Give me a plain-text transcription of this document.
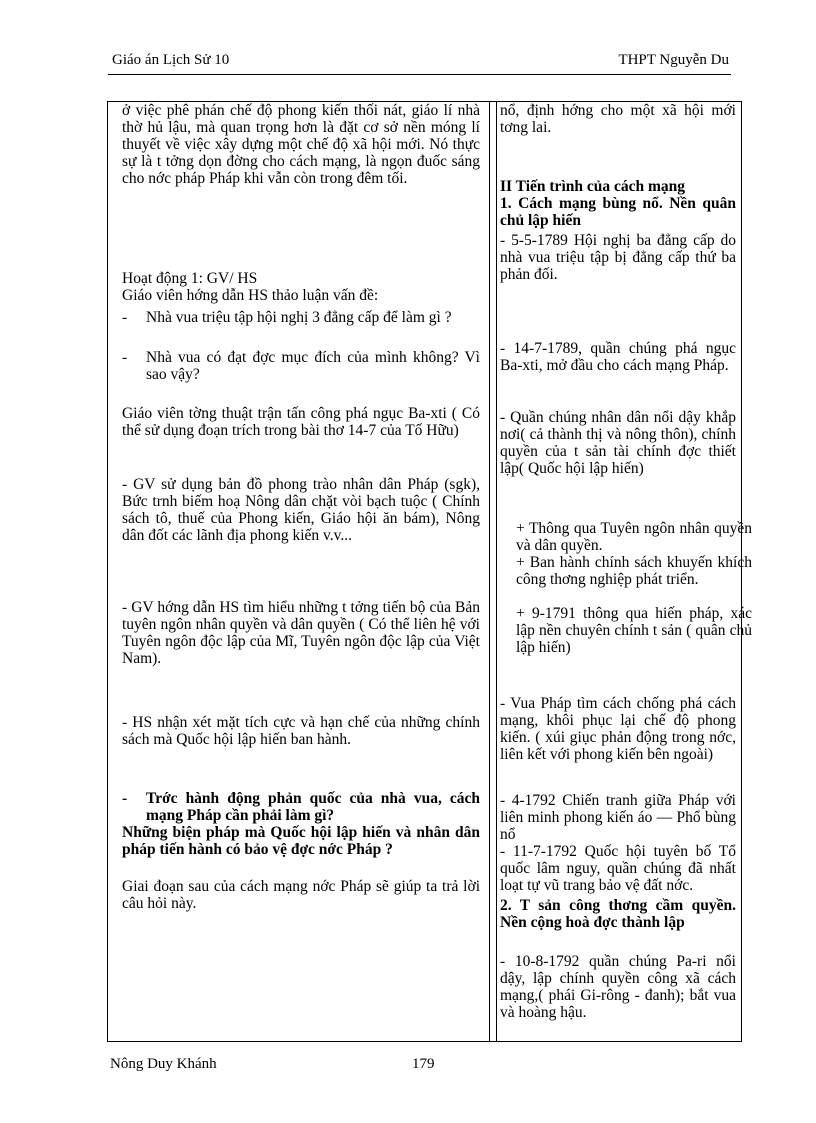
Giáo án Lịch Sử 10	THPT Nguyễn Du
ở việc phê phán chế độ phong kiến thối nát, giáo lí nhà thờ hủ lậu, mà quan trọng hơn là đặt cơ sở nền móng lí thuyết về việc xây dựng một chế độ xã hội mới. Nó thực sự là t tởng dọn đờng cho cách mạng, là ngọn đuốc sáng cho nớc pháp Pháp khi vẫn còn trong đêm tối.
Hoạt động 1: GV/ HS
Giáo viên hớng dẫn HS thảo luận vấn đề:
- Nhà vua triệu tập hội nghị 3 đẳng cấp để làm gì ?
- Nhà vua có đạt đợc mục đích của mình không? Vì sao vậy?
Giáo viên tờng thuật trận tấn công phá ngục Ba-xti ( Có thể sử dụng đoạn trích trong bài thơ 14-7 của Tố Hữu)
- GV sử dụng bản đồ phong trào nhân dân Pháp (sgk), Bức trnh biếm hoạ Nông dân chặt vòi bạch tuộc ( Chính sách tô, thuế của Phong kiến, Giáo hội ăn bám), Nông dân đốt các lãnh địa phong kiến v.v...
- GV hớng dẫn HS tìm hiểu những t tởng tiến bộ của Bản tuyên ngôn nhân quyền và dân quyền ( Có thể liên hệ với Tuyên ngôn độc lập của Mĩ, Tuyên ngôn độc lập của Việt Nam).
- HS nhận xét mặt tích cực và hạn chế của những chính sách mà Quốc hội lập hiến ban hành.
- Trớc hành động phản quốc của nhà vua, cách mạng Pháp cần phải làm gì?
Những biện pháp mà Quốc hội lập hiến và nhân dân pháp tiến hành có bảo vệ đợc nớc Pháp ?
Giai đoạn sau của cách mạng nớc Pháp sẽ giúp ta trả lời câu hỏi này.
nổ, định hớng cho một xã hội mới tơng lai.
II Tiến trình của cách mạng
1. Cách mạng bùng nổ. Nền quân chủ lập hiến
- 5-5-1789 Hội nghị ba đẳng cấp do nhà vua triệu tập bị đẳng cấp thứ ba phản đối.
- 14-7-1789, quần chúng phá ngục Ba-xti, mở đầu cho cách mạng Pháp.
- Quần chúng nhân dân nổi dậy khắp nơi( cả thành thị và nông thôn), chính quyền của t sản tài chính đợc thiết lập( Quốc hội lập hiến)
+ Thông qua Tuyên ngôn nhân quyền và dân quyền.
+ Ban hành chính sách khuyến khích công thơng nghiệp phát triển.
+ 9-1791 thông qua hiến pháp, xác lập nền chuyên chính t sản ( quân chủ lập hiến)
- Vua Pháp tìm cách chống phá cách mạng, khôi phục lại chế độ phong kiến. ( xúi giục phản động trong nớc, liên kết với phong kiến bên ngoài)
- 4-1792 Chiến tranh giữa Pháp với liên minh phong kiến áo — Phổ bùng nổ
- 11-7-1792 Quốc hội tuyên bố Tổ quốc lâm nguy, quần chúng đã nhất loạt tự vũ trang bảo vệ đất nớc.
2. T sản công thơng cầm quyền. Nền cộng hoà đợc thành lập
- 10-8-1792 quần chúng Pa-ri nổi dậy, lập chính quyền công xã cách mạng,( phái Gi-rông - đanh); bắt vua và hoàng hậu.
Nông Duy Khánh	179
